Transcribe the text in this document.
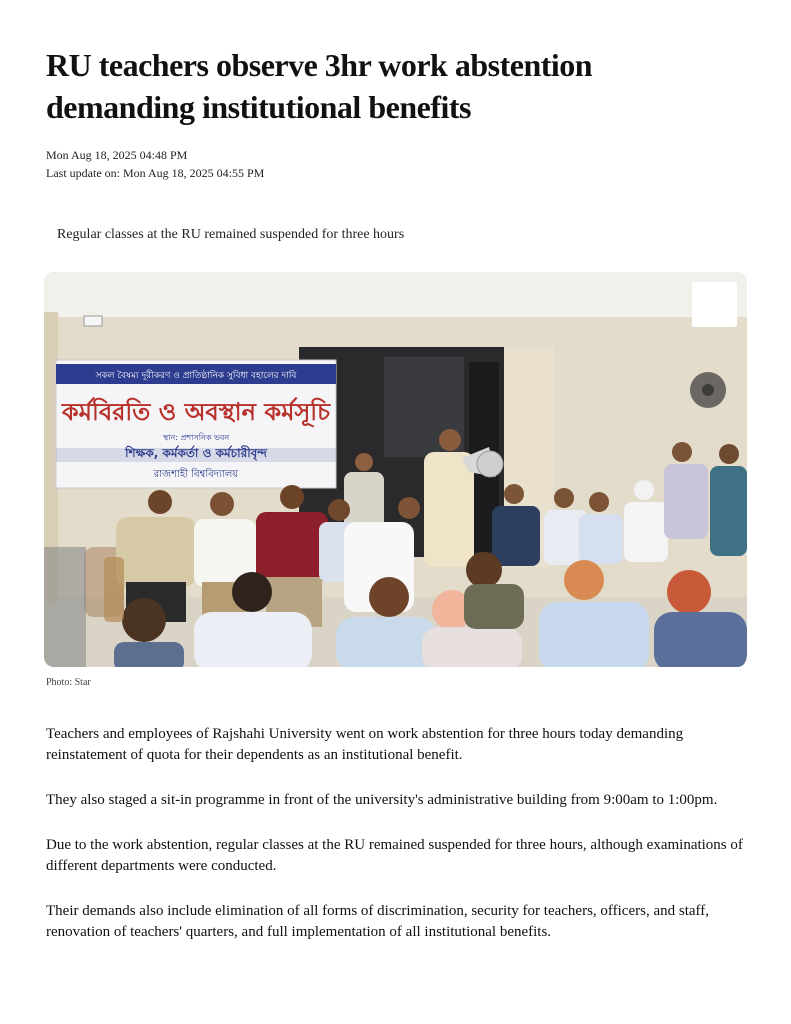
RU teachers observe 3hr work abstention demanding institutional benefits
Mon Aug 18, 2025 04:48 PM
Last update on: Mon Aug 18, 2025 04:55 PM
Regular classes at the RU remained suspended for three hours
সকল বৈষম্য দূরীকরণ ও প্রাতিষ্ঠানিক সুবিধা বহালের দাবি
কর্মবিরতি ও অবস্থান কর্মসূচি
স্থান: প্রশাসনিক ভবন
শিক্ষক, কর্মকর্তা ও কর্মচারীবৃন্দ
রাজশাহী বিশ্ববিদ্যালয়
Photo: Star

Teachers and employees of Rajshahi University went on work abstention for three hours today demanding reinstatement of quota for their dependents as an institutional benefit.

They also staged a sit-in programme in front of the university's administrative building from 9:00am to 1:00pm.

Due to the work abstention, regular classes at the RU remained suspended for three hours, although examinations of different departments were conducted.

Their demands also include elimination of all forms of discrimination, security for teachers, officers, and staff, renovation of teachers' quarters, and full implementation of all institutional benefits.
